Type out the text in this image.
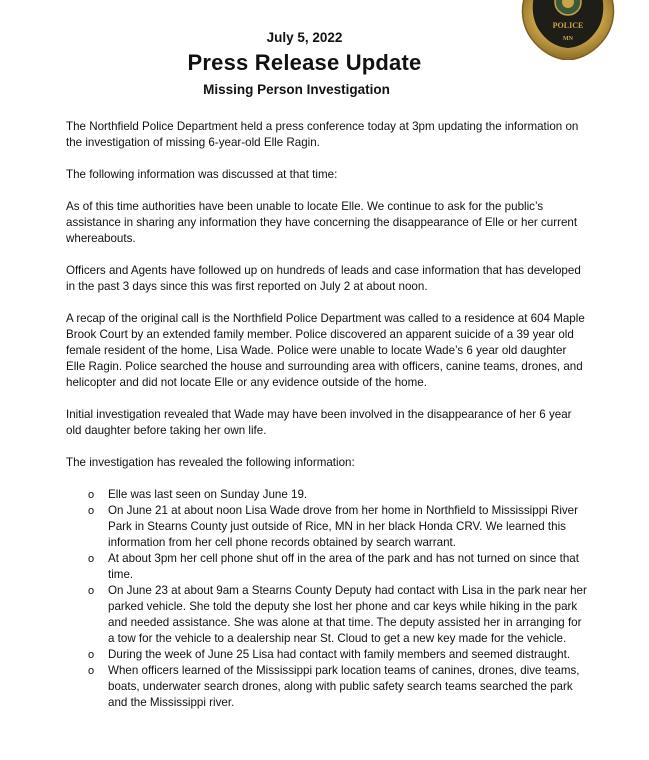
POLICE
MN
July 5, 2022
Press Release Update
Missing Person Investigation

The Northfield Police Department held a press conference today at 3pm updating the information on the investigation of missing 6-year-old Elle Ragin.

The following information was discussed at that time:

As of this time authorities have been unable to locate Elle. We continue to ask for the public’s assistance in sharing any information they have concerning the disappearance of Elle or her current whereabouts.

Officers and Agents have followed up on hundreds of leads and case information that has developed in the past 3 days since this was first reported on July 2 at about noon.

A recap of the original call is the Northfield Police Department was called to a residence at 604 Maple Brook Court by an extended family member. Police discovered an apparent suicide of a 39 year old female resident of the home, Lisa Wade. Police were unable to locate Wade’s 6 year old daughter Elle Ragin. Police searched the house and surrounding area with officers, canine teams, drones, and helicopter and did not locate Elle or any evidence outside of the home.

Initial investigation revealed that Wade may have been involved in the disappearance of her 6 year old daughter before taking her own life.

The investigation has revealed the following information:

o Elle was last seen on Sunday June 19.
o On June 21 at about noon Lisa Wade drove from her home in Northfield to Mississippi River Park in Stearns County just outside of Rice, MN in her black Honda CRV. We learned this information from her cell phone records obtained by search warrant.
o At about 3pm her cell phone shut off in the area of the park and has not turned on since that time.
o On June 23 at about 9am a Stearns County Deputy had contact with Lisa in the park near her parked vehicle. She told the deputy she lost her phone and car keys while hiking in the park and needed assistance. She was alone at that time. The deputy assisted her in arranging for a tow for the vehicle to a dealership near St. Cloud to get a new key made for the vehicle.
o During the week of June 25 Lisa had contact with family members and seemed distraught.
o When officers learned of the Mississippi park location teams of canines, drones, dive teams, boats, underwater search drones, along with public safety search teams searched the park and the Mississippi river.
